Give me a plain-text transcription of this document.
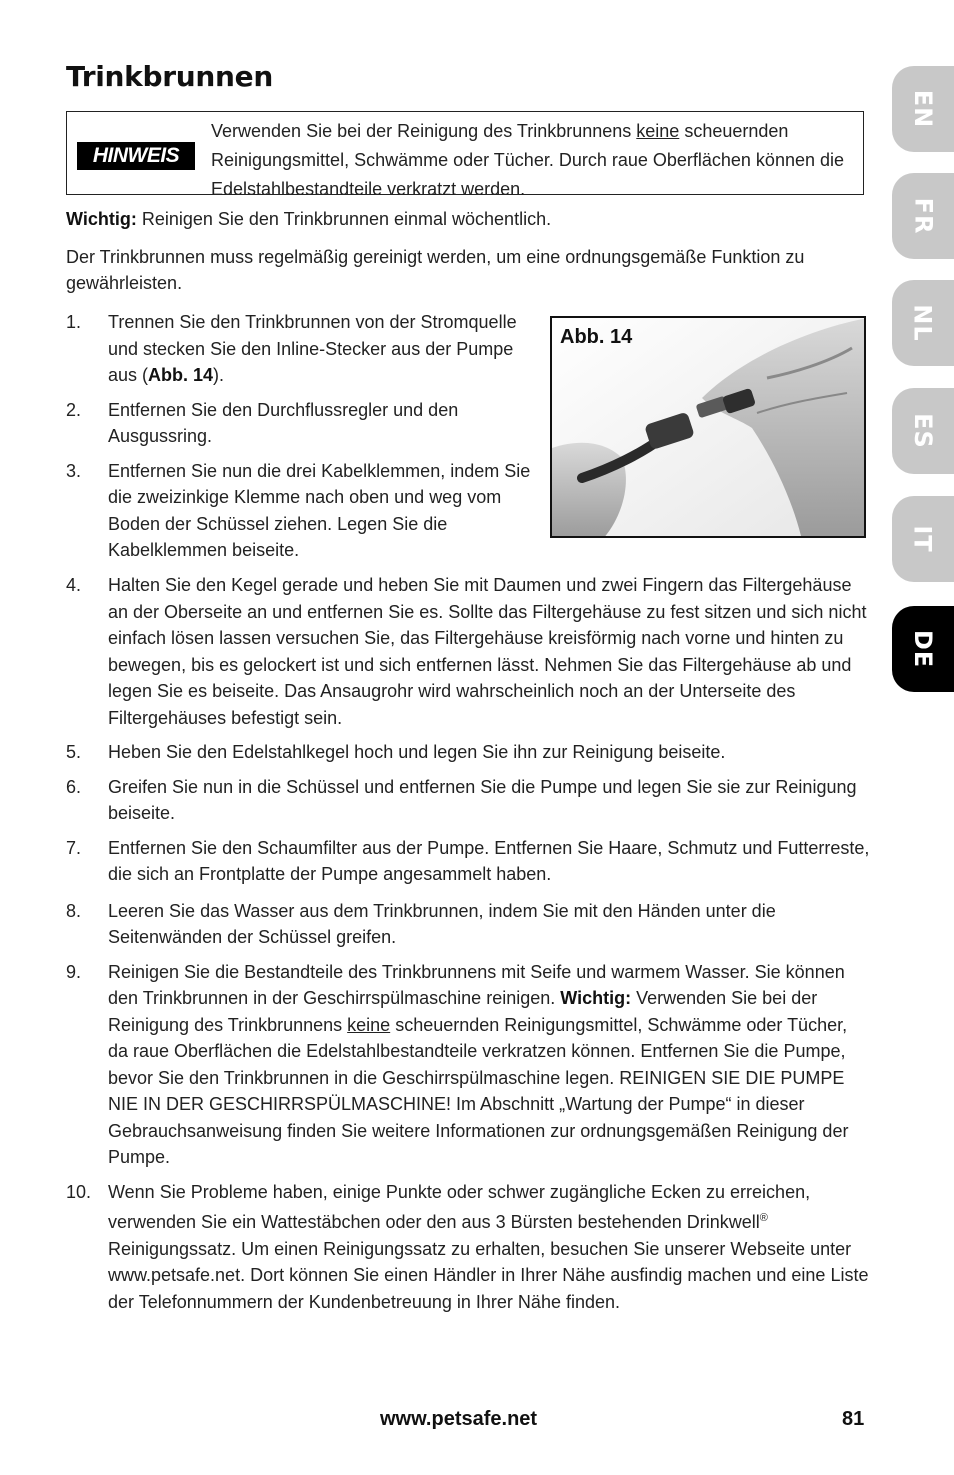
Trinkbrunnen
HINWEIS
Verwenden Sie bei der Reinigung des Trinkbrunnens keine scheuernden Reinigungsmittel, Schwämme oder Tücher. Durch raue Oberflächen können die Edelstahlbestandteile verkratzt werden.

Wichtig: Reinigen Sie den Trinkbrunnen einmal wöchentlich.

Der Trinkbrunnen muss regelmäßig gereinigt werden, um eine ordnungsgemäße Funktion zu gewährleisten.

1. Trennen Sie den Trinkbrunnen von der Stromquelle und stecken Sie den Inline-Stecker aus der Pumpe aus (Abb. 14).
2. Entfernen Sie den Durchflussregler und den Ausgussring.
3. Entfernen Sie nun die drei Kabelklemmen, indem Sie die zweizinkige Klemme nach oben und weg vom Boden der Schüssel ziehen. Legen Sie die Kabelklemmen beiseite.
Abb. 14
4. Halten Sie den Kegel gerade und heben Sie mit Daumen und zwei Fingern das Filtergehäuse an der Oberseite an und entfernen Sie es. Sollte das Filtergehäuse zu fest sitzen und sich nicht einfach lösen lassen versuchen Sie, das Filtergehäuse kreisförmig nach vorne und hinten zu bewegen, bis es gelockert ist und sich entfernen lässt. Nehmen Sie das Filtergehäuse ab und legen Sie es beiseite. Das Ansaugrohr wird wahrscheinlich noch an der Unterseite des Filtergehäuses befestigt sein.
5. Heben Sie den Edelstahlkegel hoch und legen Sie ihn zur Reinigung beiseite.
6. Greifen Sie nun in die Schüssel und entfernen Sie die Pumpe und legen Sie sie zur Reinigung beiseite.
7. Entfernen Sie den Schaumfilter aus der Pumpe. Entfernen Sie Haare, Schmutz und Futterreste, die sich an Frontplatte der Pumpe angesammelt haben.
8. Leeren Sie das Wasser aus dem Trinkbrunnen, indem Sie mit den Händen unter die Seitenwänden der Schüssel greifen.
9. Reinigen Sie die Bestandteile des Trinkbrunnens mit Seife und warmem Wasser. Sie können den Trinkbrunnen in der Geschirrspülmaschine reinigen. Wichtig: Verwenden Sie bei der Reinigung des Trinkbrunnens keine scheuernden Reinigungsmittel, Schwämme oder Tücher, da raue Oberflächen die Edelstahlbestandteile verkratzen können. Entfernen Sie die Pumpe, bevor Sie den Trinkbrunnen in die Geschirrspülmaschine legen. REINIGEN SIE DIE PUMPE NIE IN DER GESCHIRRSPÜLMASCHINE! Im Abschnitt „Wartung der Pumpe“ in dieser Gebrauchsanweisung finden Sie weitere Informationen zur ordnungsgemäßen Reinigung der Pumpe.
10. Wenn Sie Probleme haben, einige Punkte oder schwer zugängliche Ecken zu erreichen, verwenden Sie ein Wattestäbchen oder den aus 3 Bürsten bestehenden Drinkwell® Reinigungssatz. Um einen Reinigungssatz zu erhalten, besuchen Sie unserer Webseite unter www.petsafe.net. Dort können Sie einen Händler in Ihrer Nähe ausfindig machen und eine Liste der Telefonnummern der Kundenbetreuung in Ihrer Nähe finden.
EN
FR
NL
ES
IT
DE
www.petsafe.net	81
